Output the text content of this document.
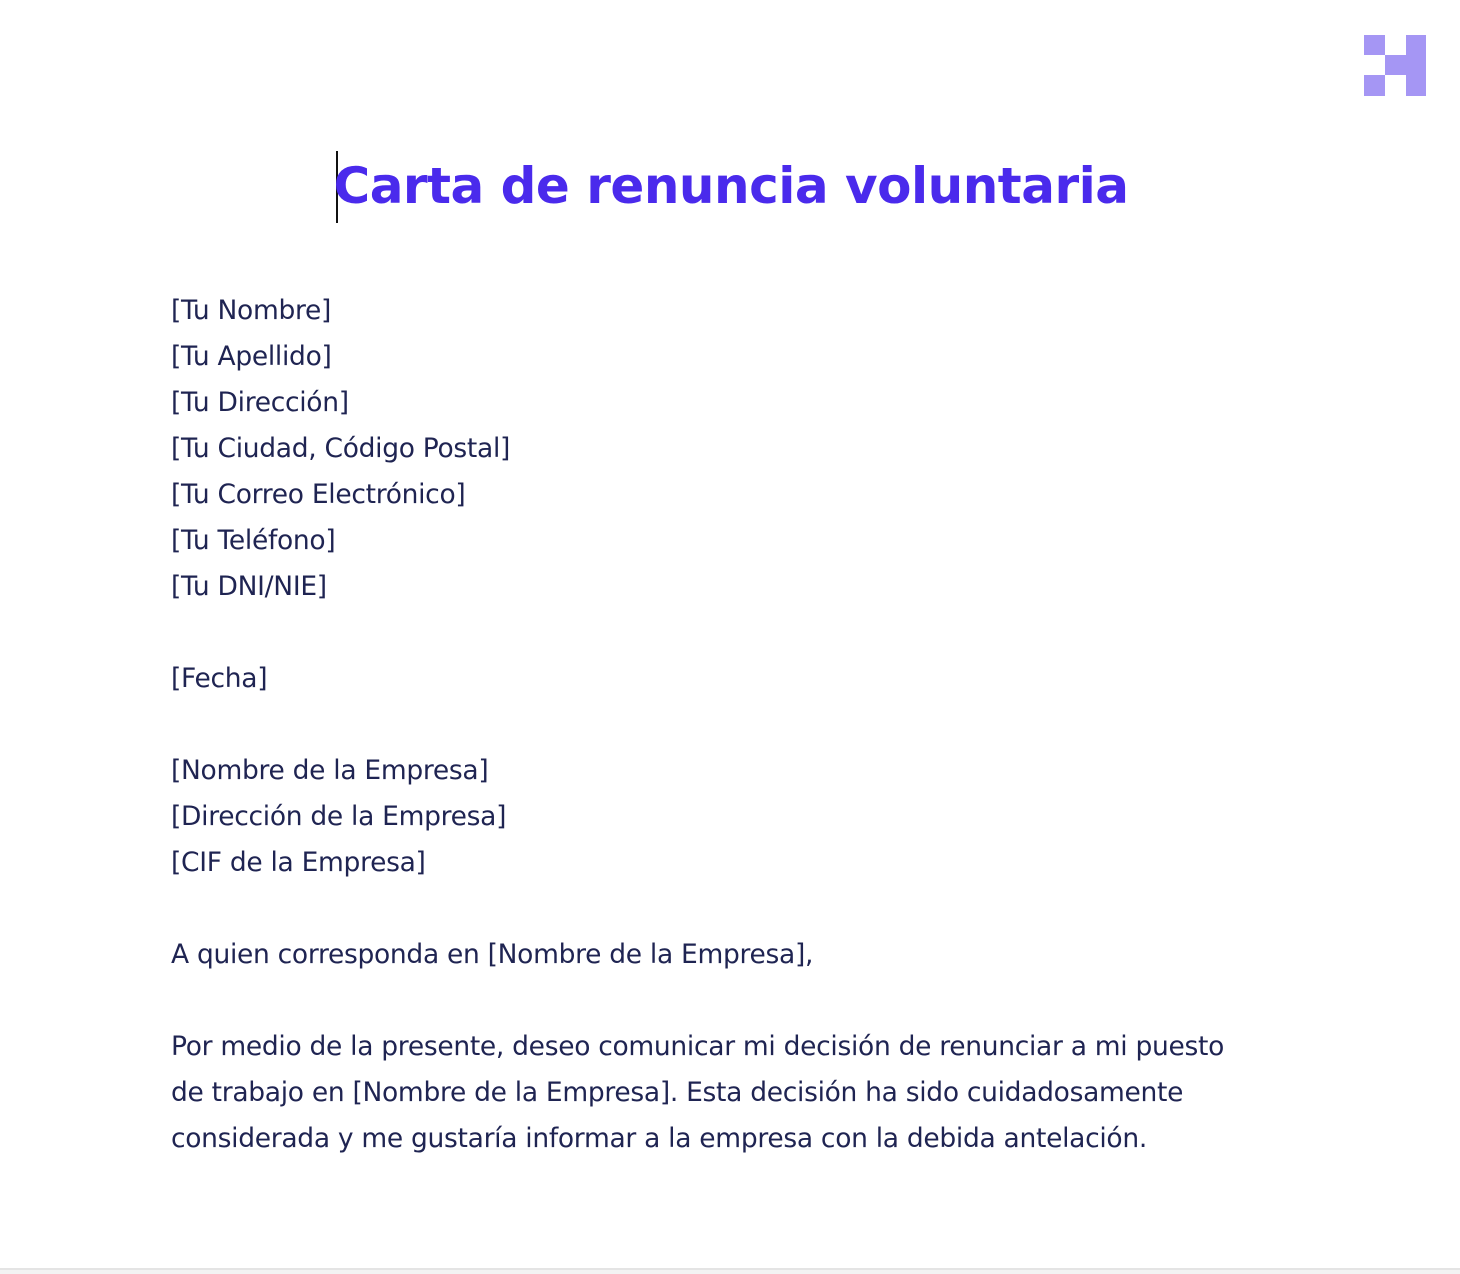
Carta de renuncia voluntaria
[Tu Nombre]
[Tu Apellido]
[Tu Dirección]
[Tu Ciudad, Código Postal]
[Tu Correo Electrónico]
[Tu Teléfono]
[Tu DNI/NIE]
[Fecha]
[Nombre de la Empresa]
[Dirección de la Empresa]
[CIF de la Empresa]
A quien corresponda en [Nombre de la Empresa],
Por medio de la presente, deseo comunicar mi decisión de renunciar a mi puesto de trabajo en [Nombre de la Empresa]. Esta decisión ha sido cuidadosamente considerada y me gustaría informar a la empresa con la debida antelación.
